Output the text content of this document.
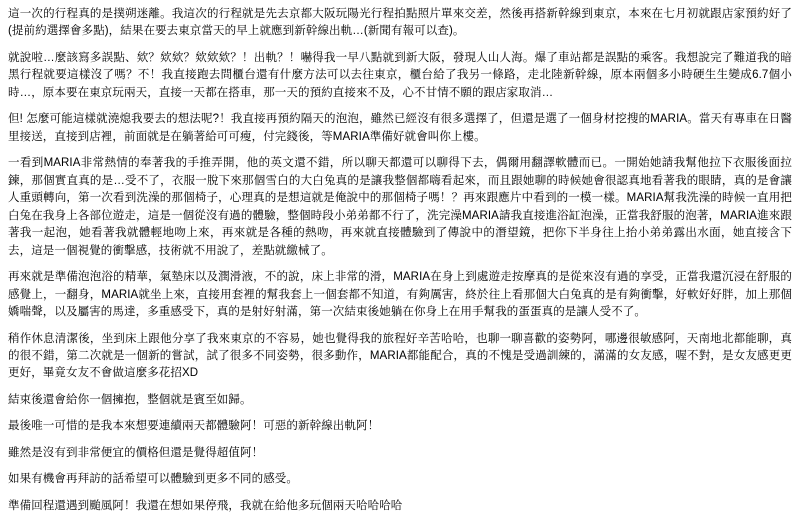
這一次的行程真的是撲朔迷離。我這次的行程就是先去京都大阪玩陽光行程拍點照片單來交差，然後再搭新幹線到東京，本來在七月初就跟店家預約好了(提前約選擇會多點)，結果在要去東京當天的早上就應到新幹線出軌…(新聞有報可以查)。

就說啦…麼該寫多誤點、欸？欸欸？欸欸欸？！出軌？！嚇得我一早八點就到新大阪，發現人山人海。爆了車站都是誤點的乘客。我想說完了難道我的暗黑行程就要這樣沒了嗎？不！我直接跑去問櫃台還有什麼方法可以去往東京，櫃台給了我另一條路，走北陸新幹線，原本兩個多小時硬生生變成6.7個小時…，原本要在東京玩兩天，直接一天都在搭車，那一天的預約直接來不及，心不甘情不願的跟店家取消…

但! 怎麼可能這樣就澆熄我要去的想法呢?！我直接再預約隔天的泡泡，雖然已經沒有很多選擇了，但還是選了一個身材挖搜的MARIA。當天有專車在日醫里接送，直接到店裡，前面就是在躺著給可可瘦，付完錢後，等MARIA準備好就會叫你上樓。

一看到MARIA非常熱情的奉著我的手推弄開，他的英文還不錯，所以聊天都還可以聊得下去，偶爾用翻譯軟體而已。一開始她請我幫他拉下衣服後面拉鍊，那個實直真的是…受不了，衣服一脫下來那個雪白的大白兔真的是讓我整個都嗨看起來，而且跟她聊的時候她會很認真地看著我的眼睛，真的是會讓人重頭轉向，第一次看到洗澡的那個椅子，心理真的是想這就是俺說中的那個椅子嗎！？再來跟應片中看到的一模一樣。MARIA幫我洗澡的時候一直用把白兔在我身上各部位遊走，這是一個從沒有過的體驗，整個時段小弟弟都不行了，洗完澡MARIA請我直接進浴缸泡澡，正當我舒服的泡著，MARIA進來跟著我一起泡，她看著我就體輕地吻上來，再來就是各種的熱吻，再來就直接體驗到了傳說中的潛望鏡，把你下半身往上抬小弟弟露出水面，她直接含下去，這是一個視覺的衝擊感，技術就不用說了，差點就繳械了。

再來就是準備泡泡浴的精華，氣墊床以及潤滑液，不的說，床上非常的滑，MARIA在身上到處遊走按摩真的是從來沒有過的享受，正當我還沉浸在舒服的感覺上，一翻身，MARIA就坐上來，直接用套裡的幫我套上一個套都不知道，有夠厲害，終於往上看那個大白兔真的是有夠衝擊，好軟好好胖，加上那個嬌喘聲，以及屬害的馬達，多重感受下，真的是射好射滿，第一次結束後她躺在你身上在用手幫我的蛋蛋真的是讓人受不了。

稍作休息清潔後，坐到床上跟他分享了我來東京的不容易，她也覺得我的旅程好辛苦哈哈，也聊一聊喜歡的姿勢阿，哪邊很敏感阿，天南地北都能聊，真的很不錯，第二次就是一個新的嘗試，試了很多不同姿勢，很多動作，MARIA都能配合，真的不愧是受過訓練的，滿滿的女友感，喔不對，是女友感更更更好，畢竟女友不會做這麼多花招XD

結束後還會給你一個擁抱，整個就是賓至如歸。

最後唯一可惜的是我本來想要連續兩天都體驗阿！可惡的新幹線出軌阿！

雖然是沒有到非常便宜的價格但還是覺得超值阿！

如果有機會再拜訪的話希望可以體驗到更多不同的感受。

準備回程還遇到颱風阿！我還在想如果停飛，我就在給他多玩個兩天哈哈哈哈
